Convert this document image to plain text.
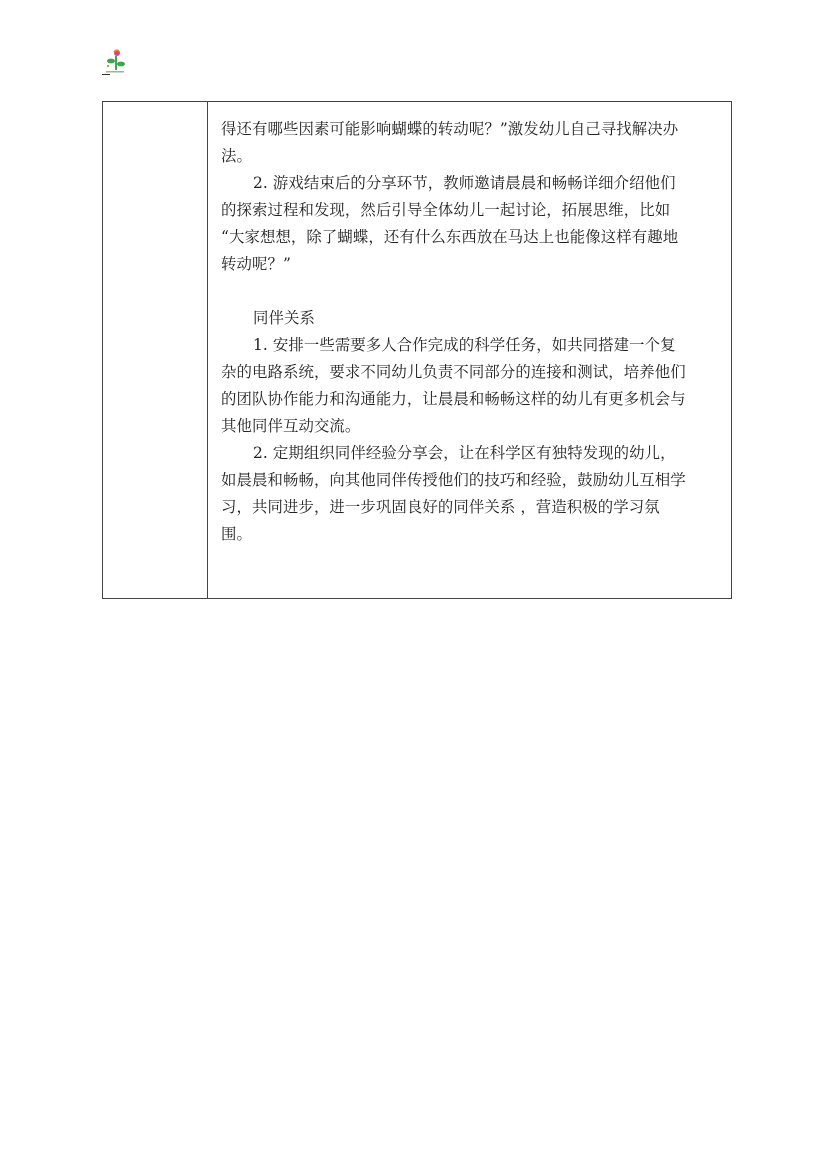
得还有哪些因素可能影响蝴蝶的转动呢？”激发幼儿自己寻找解决办
法。
2. 游戏结束后的分享环节，教师邀请晨晨和畅畅详细介绍他们
的探索过程和发现，然后引导全体幼儿一起讨论，拓展思维，比如
“大家想想，除了蝴蝶，还有什么东西放在马达上也能像这样有趣地
转动呢？”
同伴关系
1. 安排一些需要多人合作完成的科学任务，如共同搭建一个复
杂的电路系统，要求不同幼儿负责不同部分的连接和测试，培养他们
的团队协作能力和沟通能力，让晨晨和畅畅这样的幼儿有更多机会与
其他同伴互动交流。
2. 定期组织同伴经验分享会，让在科学区有独特发现的幼儿，
如晨晨和畅畅，向其他同伴传授他们的技巧和经验，鼓励幼儿互相学
习，共同进步，进一步巩固良好的同伴关系 ，营造积极的学习氛
围。
